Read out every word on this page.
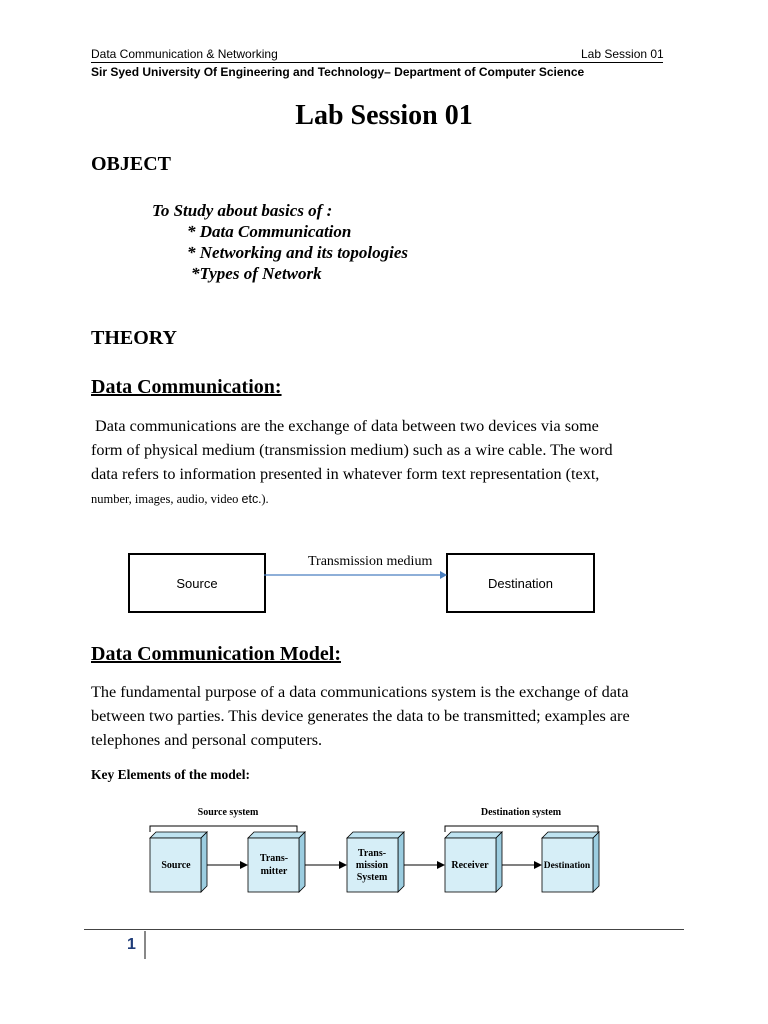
Data Communication & Networking	Lab Session 01
Sir Syed University Of Engineering and Technology– Department of Computer Science
Lab Session 01
OBJECT
To Study about basics of :
* Data Communication
* Networking and its topologies
*Types of Network
THEORY
Data Communication:
Data communications are the exchange of data between two devices via some
form of physical medium (transmission medium) such as a wire cable. The word
data refers to information presented in whatever form text representation (text,
number, images, audio, video etc.).
Source	Destination
Transmission medium
Data Communication Model:
The fundamental purpose of a data communications system is the exchange of data
between two parties. This device generates the data to be transmitted; examples are
telephones and personal computers.
Key Elements of the model:
Source system	Destination system
Source
Trans-
mitter
Trans-
mission
System
Receiver	Destination
1
